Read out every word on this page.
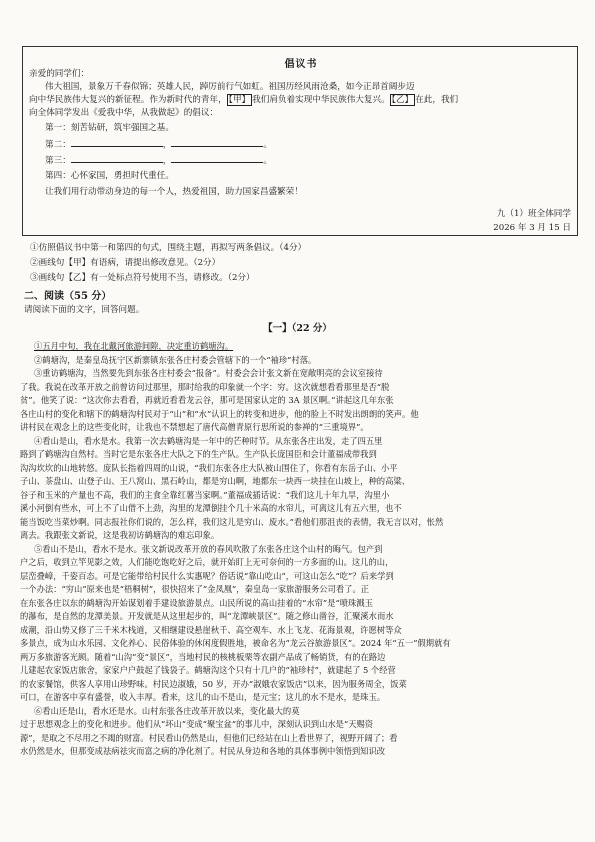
倡议书
亲爱的同学们：
伟大祖国，景象万千春似锦；英雄人民，踔厉前行气如虹。祖国历经风雨沧桑，如今正昂首阔步迈
向中华民族伟大复兴的新征程。作为新时代的青年， 【甲】 我们肩负着实现中华民族伟大复兴。 【乙】 在此，我们
向全体同学发出《爱我中华，从我做起》的倡议：
第一：刻苦钻研，筑牢强国之基。
第二：	，	。
第三：	，	。
第四：心怀家国，勇担时代重任。
让我们用行动带动身边的每一个人，热爱祖国，助力国家昌盛繁荣！
九（1）班全体同学
2026 年 3 月 15 日
①仿照倡议书中第一和第四的句式，围绕主题，再拟写两条倡议。（4分）
②画线句【甲】有语病，请提出修改意见。（2分）
③画线句【乙】有一处标点符号使用不当，请修改。（2分）
二、阅读（55 分）
请阅读下面的文字，回答问题。
【一】（22 分）
①五月中旬，我在北戴河旅游间隙，决定重访鹤塘沟。
②鹤塘沟，是秦皇岛抚宁区新寨镇东张各庄村委会管辖下的一个“袖珍”村落。
③重访鹤塘沟，当然要先到东张各庄村委会“报备”。村委会会计张文新在宽敞明亮的会议室接待
了我。我说在改革开放之前曾访问过那里，那时给我的印象就一个字：穷。这次就想看看那里是否“脱
贫”。他笑了说：“这次你去看看，再就近看看龙云谷，那可是国家认定的 3A 景区啊。”讲起这几年东张
各庄山村的变化和辖下的鹤塘沟村民对于“山”和“水”认识上的转变和进步，他的脸上不时发出朗朗的笑声。他
讲村民在观念上的这些变化时，让我也不禁想起了唐代高僧青原行思所说的参禅的“三重境界”。
④看山是山，看水是水。我第一次去鹤塘沟是一年中的芒种时节。从东张各庄出发，走了四五里
路到了鹤塘沟自然村。当时它是东张各庄大队之下的生产队。生产队长庞国臣和会计董福成带我到
沟沟坎坎的山地转悠。庞队长指着四周的山说，“我们东张各庄大队被山围住了，你看有东岳子山、小平
子山、茶盘山、山登子山、王八窝山、黑石岭山，都是穷山啊，地都东一块西一块挂在山坡上，种的高粱、
谷子和玉米的产量也不高，我们的主食全靠红薯当家啊。”董福成插话说：“我们这儿十年九旱，沟里小
溪小河倒有些水，可上不了山借不上劲，沟里的龙潭倒挂个几十米高的水帘儿，可离这儿有五六里，也不
能当饭吃当菜炒啊。同志报社你们说的，怎么样，我们这儿是穷山、废水。”看他们那沮丧的表情，我无言以对，怅然
离去。我跟张文新说，这是我初访鹤塘沟的难忘印象。
⑤看山不是山，看水不是水。张文新说改革开放的春风吹散了东张各庄这个山村的晦气。包产到
户之后，收到立竿见影之效，人们能吃饱吃好之后，就开始盯上无可奈何的一方多面的山。这儿的山，
层峦叠嶂，千姿百态。可是它能带给村民什么实惠呢？俗话说“靠山吃山”，可这山怎么“吃”？后来学到
一个办法：“穷山”原来也是“梧桐树”，很快招来了“金凤凰”，秦皇岛一家旅游服务公司看了。正
在东张各庄以东的鹤塘沟开始谋划着手建设旅游景点。山民所说的高山挂着的“水帘”是“喷珠溅玉
的瀑布，是自然的龙潭美景。开发就是从这里起步的，叫“龙潭峡景区”。随之修山凿谷，汇聚溪水而水
成潮，沿山势又修了三千米木栈道，又相继建设悬崖秋千、高空观车、水上飞龙、花海景观，许愿树等众
多景点，成为山水乐园、文化养心、民俗体验的休闲度假胜地，被命名为“龙云谷旅游景区”。2024 年“五一”假期就有
两万多旅游客光顾。随着“山沟”变“景区”，当地村民的核桃板栗等农副产品成了畅销货，有的在路边
儿建起农家饭店旅舍，家家户户鼓起了钱袋子。鹤塘沟这个只有十几户的“袖珍村”，就建起了 5 个经营
的农家餐馆，供客人享用山珍野味。村民边淑娥，50 岁，开办“淑娥农家饭店”以来，因为服务周全，饭菜
可口，在游客中享有盛誉，收入丰厚。看来，这儿的山不是山，是元宝；这儿的水不是水，是珠玉。
⑥看山还是山，看水还是水。山村东张各庄改革开放以来，变化最大的莫
过于思想观念上的变化和进步。他们从“坏山”变成“聚宝盆”的事儿中，深刻认识到山水是“天赐资
源”，是取之不尽用之不竭的财富。村民看山仍然是山，但他们已经站在山上看世界了，视野开阔了；看
水仍然是水，但那变成祛病祛灾而富之病的净化剂了。村民从身边和各地的具体事例中领悟到知识改
